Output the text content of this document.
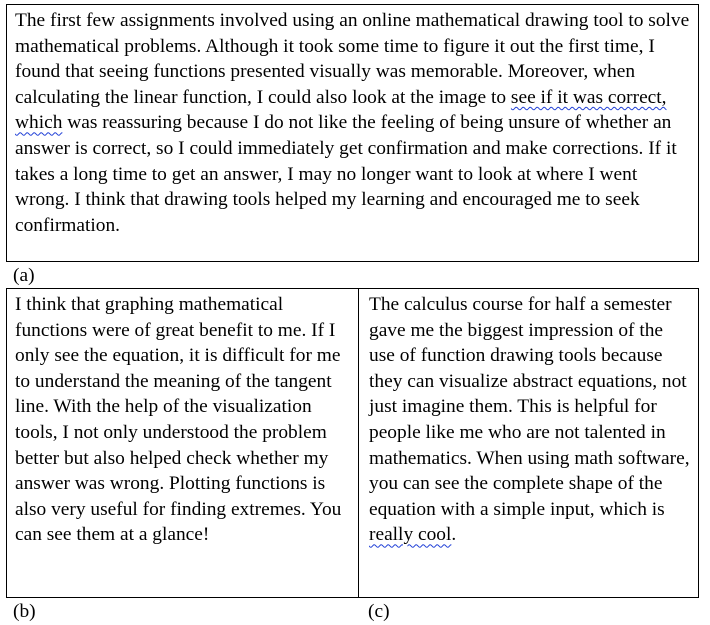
The first few assignments involved using an online mathematical drawing tool to solve mathematical problems. Although it took some time to figure it out the first time, I found that seeing functions presented visually was memorable. Moreover, when calculating the linear function, I could also look at the image to see if it was correct, which was reassuring because I do not like the feeling of being unsure of whether an answer is correct, so I could immediately get confirmation and make corrections. If it takes a long time to get an answer, I may no longer want to look at where I went wrong. I think that drawing tools helped my learning and encouraged me to seek confirmation.

(a)

I think that graphing mathematical functions were of great benefit to me. If I only see the equation, it is difficult for me to understand the meaning of the tangent line. With the help of the visualization tools, I not only understood the problem better but also helped check whether my answer was wrong. Plotting functions is also very useful for finding extremes. You can see them at a glance!

(b)

The calculus course for half a semester gave me the biggest impression of the use of function drawing tools because they can visualize abstract equations, not just imagine them. This is helpful for people like me who are not talented in mathematics. When using math software, you can see the complete shape of the equation with a simple input, which is really cool.

(c)
